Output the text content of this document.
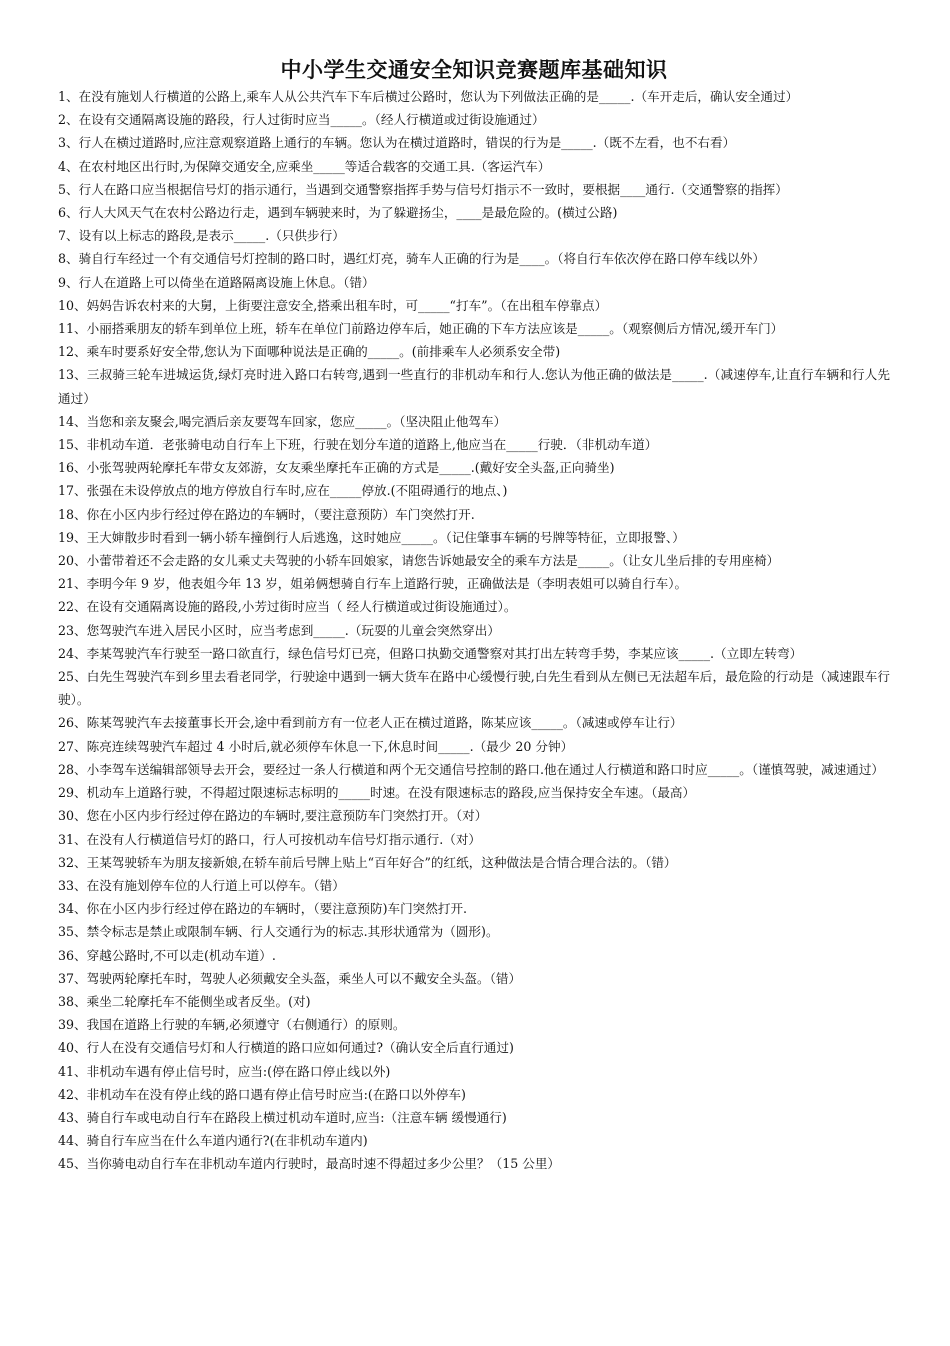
中小学生交通安全知识竞赛题库基础知识
1、在没有施划人行横道的公路上,乘车人从公共汽车下车后横过公路时，您认为下列做法正确的是_____.（车开走后，确认安全通过）
2、在设有交通隔离设施的路段，行人过街时应当_____。（经人行横道或过街设施通过）
3、行人在横过道路时,应注意观察道路上通行的车辆。您认为在横过道路时，错误的行为是_____.（既不左看，也不右看）
4、在农村地区出行时,为保障交通安全,应乘坐_____等适合载客的交通工具.（客运汽车）
5、行人在路口应当根据信号灯的指示通行，当遇到交通警察指挥手势与信号灯指示不一致时，要根据____通行.（交通警察的指挥）
6、行人大风天气在农村公路边行走，遇到车辆驶来时，为了躲避扬尘，____是最危险的。(横过公路)
7、设有以上标志的路段,是表示_____.（只供步行）
8、骑自行车经过一个有交通信号灯控制的路口时，遇红灯亮，骑车人正确的行为是____。（将自行车依次停在路口停车线以外）
9、行人在道路上可以倚坐在道路隔离设施上休息。（错）
10、妈妈告诉农村来的大舅，上街要注意安全,搭乘出租车时，可_____“打车”。（在出租车停靠点）
11、小丽搭乘朋友的轿车到单位上班，轿车在单位门前路边停车后，她正确的下车方法应该是_____。（观察侧后方情况,缓开车门）
12、乘车时要系好安全带,您认为下面哪种说法是正确的_____。(前排乘车人必须系安全带)
13、三叔骑三轮车进城运货,绿灯亮时进入路口右转弯,遇到一些直行的非机动车和行人.您认为他正确的做法是_____.（减速停车,让直行车辆和行人先通过）
14、当您和亲友聚会,喝完酒后亲友要驾车回家，您应_____。（坚决阻止他驾车）
15、非机动车道．老张骑电动自行车上下班，行驶在划分车道的道路上,他应当在_____行驶．（非机动车道）
16、小张驾驶两轮摩托车带女友郊游，女友乘坐摩托车正确的方式是_____.(戴好安全头盔,正向骑坐)
17、张强在未设停放点的地方停放自行车时,应在_____停放.(不阻碍通行的地点、)
18、你在小区内步行经过停在路边的车辆时，（要注意预防）车门突然打开.
19、王大婶散步时看到一辆小轿车撞倒行人后逃逸，这时她应_____。（记住肇事车辆的号牌等特征，立即报警、）
20、小蕾带着还不会走路的女儿乘丈夫驾驶的小轿车回娘家，请您告诉她最安全的乘车方法是_____。（让女儿坐后排的专用座椅）
21、李明今年 9 岁，他表姐今年 13 岁，姐弟俩想骑自行车上道路行驶，正确做法是（李明表姐可以骑自行车）。
22、在设有交通隔离设施的路段,小芳过街时应当（ 经人行横道或过街设施通过）。
23、您驾驶汽车进入居民小区时，应当考虑到_____.（玩耍的儿童会突然穿出）
24、李某驾驶汽车行驶至一路口欲直行，绿色信号灯已亮，但路口执勤交通警察对其打出左转弯手势，李某应该_____.（立即左转弯）
25、白先生驾驶汽车到乡里去看老同学，行驶途中遇到一辆大货车在路中心缓慢行驶,白先生看到从左侧已无法超车后，最危险的行动是（减速跟车行驶）。
26、陈某驾驶汽车去接董事长开会,途中看到前方有一位老人正在横过道路，陈某应该_____。（减速或停车让行）
27、陈亮连续驾驶汽车超过 4 小时后,就必须停车休息一下,休息时间_____.（最少 20 分钟）
28、小李驾车送编辑部领导去开会，要经过一条人行横道和两个无交通信号控制的路口.他在通过人行横道和路口时应_____。（谨慎驾驶，减速通过）
29、机动车上道路行驶，不得超过限速标志标明的_____时速。在没有限速标志的路段,应当保持安全车速。（最高）
30、您在小区内步行经过停在路边的车辆时,要注意预防车门突然打开。（对）
31、在没有人行横道信号灯的路口，行人可按机动车信号灯指示通行.（对）
32、王某驾驶轿车为朋友接新娘,在轿车前后号牌上贴上“百年好合”的红纸，这种做法是合情合理合法的。（错）
33、在没有施划停车位的人行道上可以停车。（错）
34、你在小区内步行经过停在路边的车辆时，（要注意预防)车门突然打开.
35、禁令标志是禁止或限制车辆、行人交通行为的标志.其形状通常为（圆形)。
36、穿越公路时,不可以走(机动车道）.
37、驾驶两轮摩托车时，驾驶人必须戴安全头盔，乘坐人可以不戴安全头盔。（错）
38、乘坐二轮摩托车不能侧坐或者反坐。(对)
39、我国在道路上行驶的车辆,必须遵守（右侧通行）的原则。
40、行人在没有交通信号灯和人行横道的路口应如何通过?（确认安全后直行通过)
41、非机动车遇有停止信号时，应当:(停在路口停止线以外)
42、非机动车在没有停止线的路口遇有停止信号时应当:(在路口以外停车)
43、骑自行车或电动自行车在路段上横过机动车道时,应当:（注意车辆 缓慢通行)
44、骑自行车应当在什么车道内通行?(在非机动车道内)
45、当你骑电动自行车在非机动车道内行驶时，最高时速不得超过多少公里？（15 公里）
